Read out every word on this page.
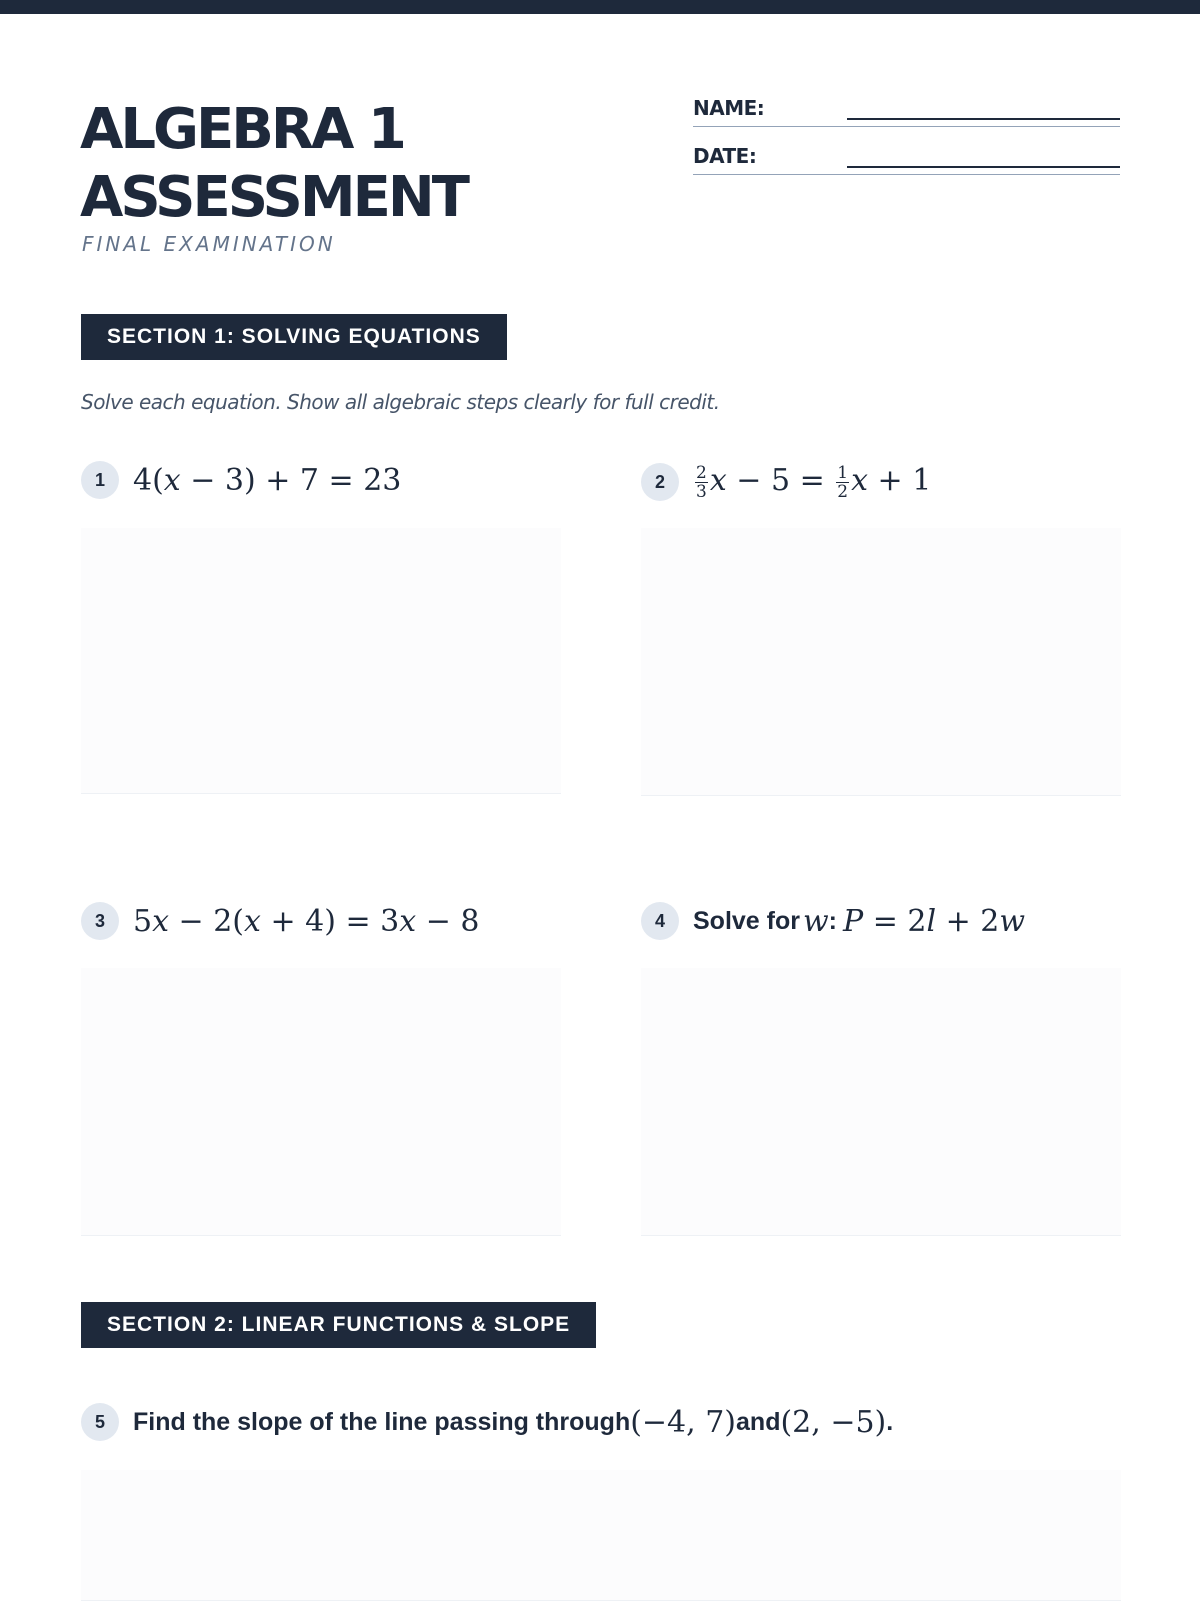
ALGEBRA 1
ASSESSMENT
FINAL EXAMINATION
NAME:
DATE:
SECTION 1: SOLVING EQUATIONS
Solve each equation. Show all algebraic steps clearly for full credit.
1 4(x − 3) + 7 = 23	2	$\frac{2}{3}$ $x - 5 = \frac{1}{2}$ x + 1
3 5x − 2(x + 4) = 3x − 8	4	Solve for
  w :
  P = 2l + 2w
SECTION 2: LINEAR FUNCTIONS & SLOPE
5	Find the slope of the line passing through (−4, 7) and (2, −5) .
